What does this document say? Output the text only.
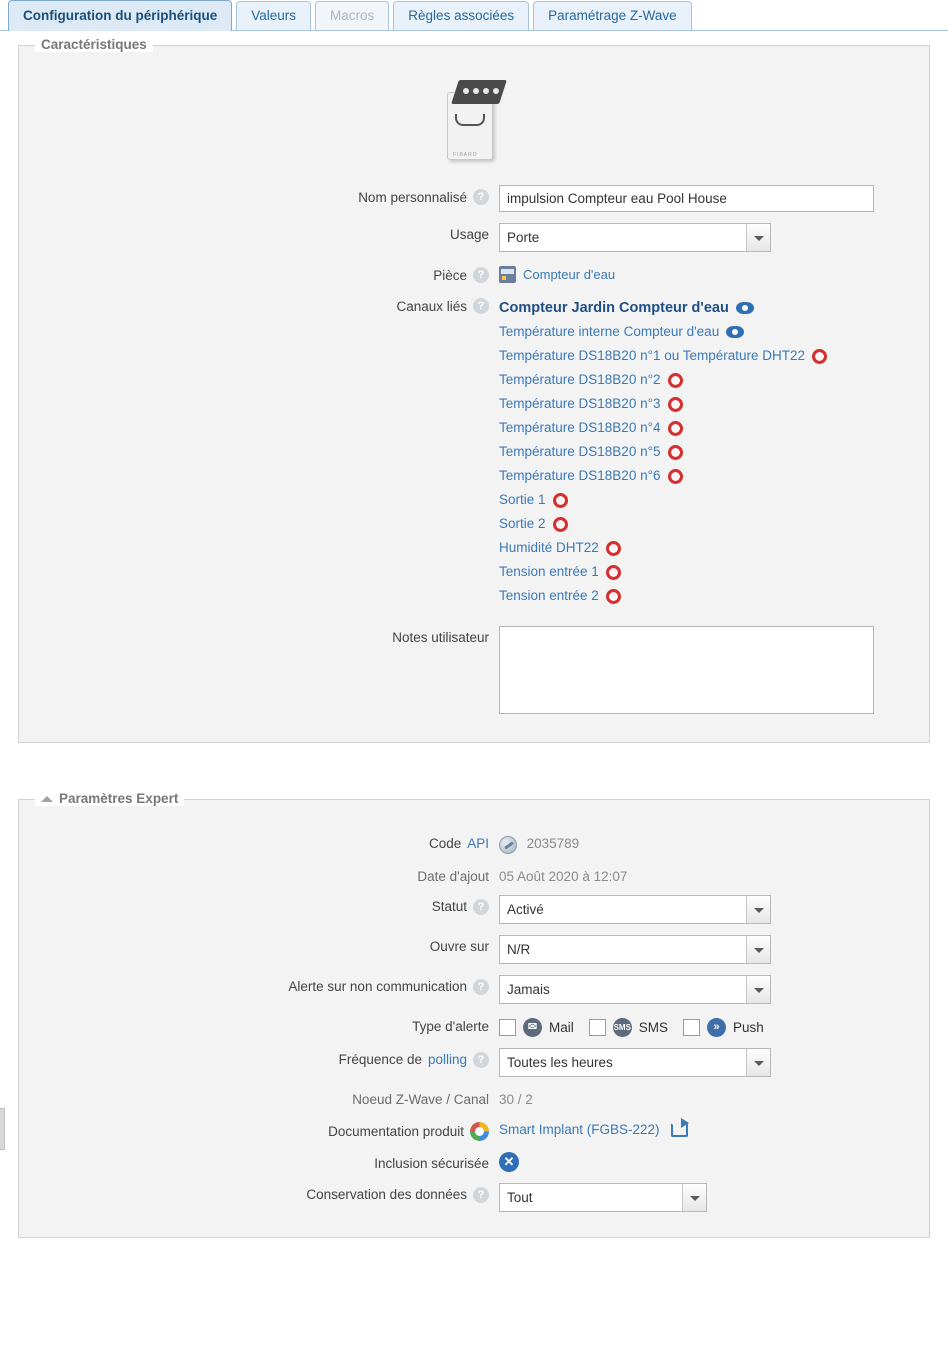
Configuration du périphérique	Valeurs	Macros	Règles associées	Paramétrage Z-Wave
Caractéristiques
FIBARO
Nom personnalisé ?
impulsion Compteur eau Pool House
Usage	Porte
Pièce ?	Compteur d'eau
Canaux liés ?	Compteur Jardin Compteur d'eau
Température interne Compteur d'eau
Température DS18B20 n°1 ou Température DHT22
Température DS18B20 n°2
Température DS18B20 n°3
Température DS18B20 n°4
Température DS18B20 n°5
Température DS18B20 n°6
Sortie 1
Sortie 2
Humidité DHT22
Tension entrée 1
Tension entrée 2
Notes utilisateur
Paramètres Expert
Code API	2035789
Date d'ajout 05 Août 2020 à 12:07
Statut ?	Activé
Ouvre sur	N/R
Alerte sur non communication ?	Jamais
Type d'alerte	✉ Mail	SMS SMS	» Push
Fréquence de polling ?	Toutes les heures
Noeud Z-Wave / Canal 30 / 2
Documentation produit	Smart Implant (FGBS-222)
Inclusion sécurisée	✕
Conservation des données ?	Tout
